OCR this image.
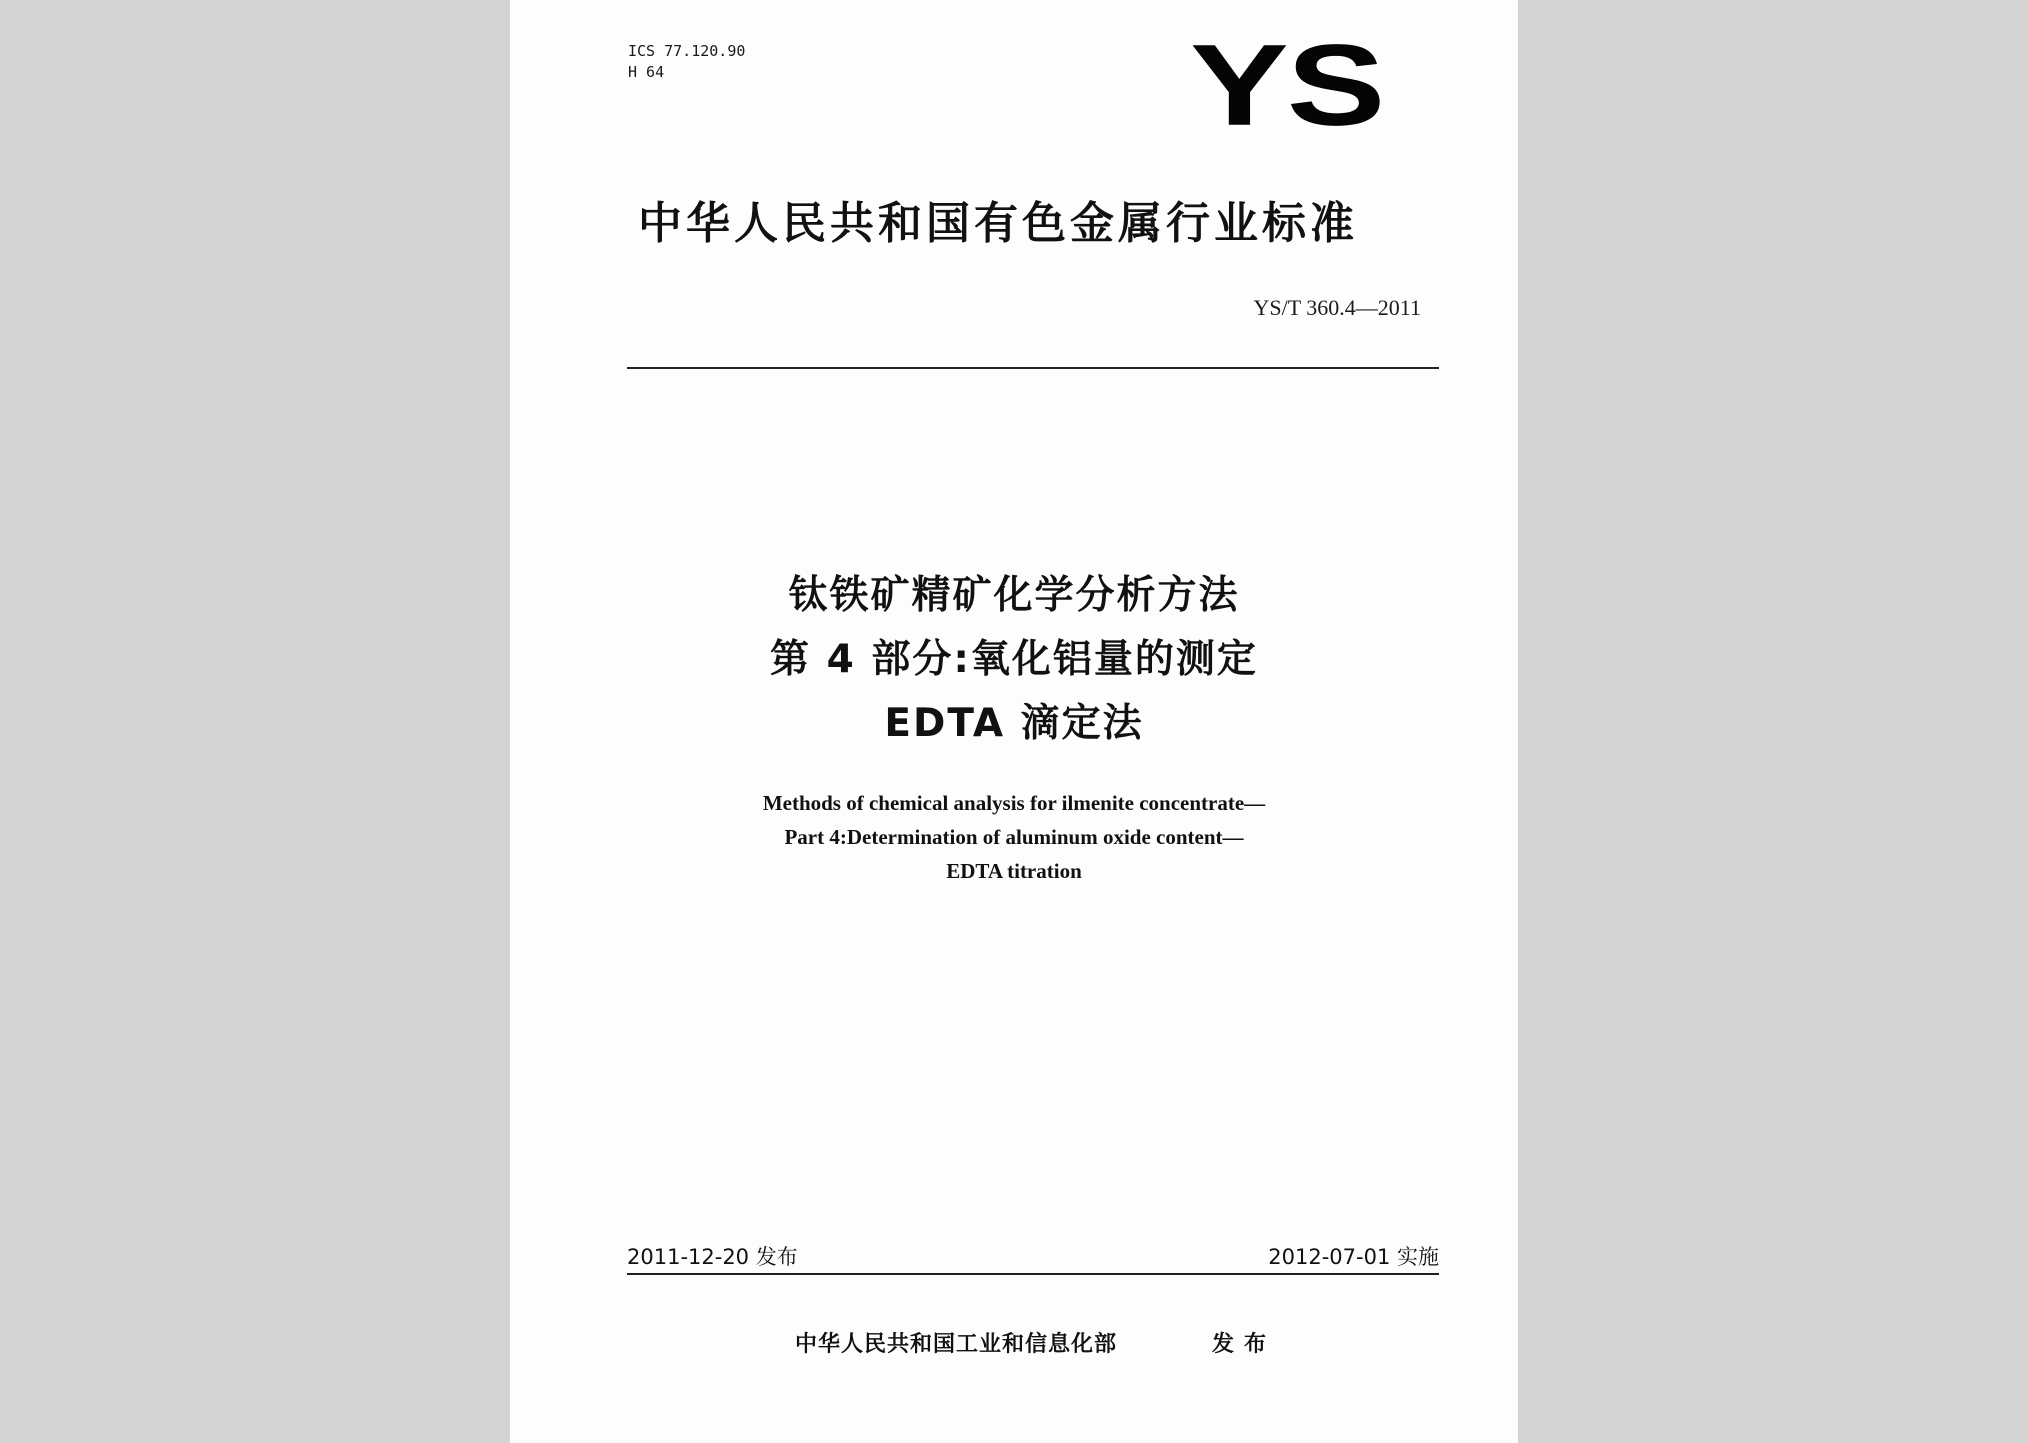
ICS 77.120.90
H 64	YS
中华人民共和国有色金属行业标准
YS/T 360.4—2011
钛铁矿精矿化学分析方法
第 4 部分:氧化铝量的测定
EDTA 滴定法
Methods of chemical analysis for ilmenite concentrate—
Part 4:Determination of aluminum oxide content—
EDTA titration
2011-12-20 发布	2012-07-01 实施
中华人民共和国工业和信息化部	发布
